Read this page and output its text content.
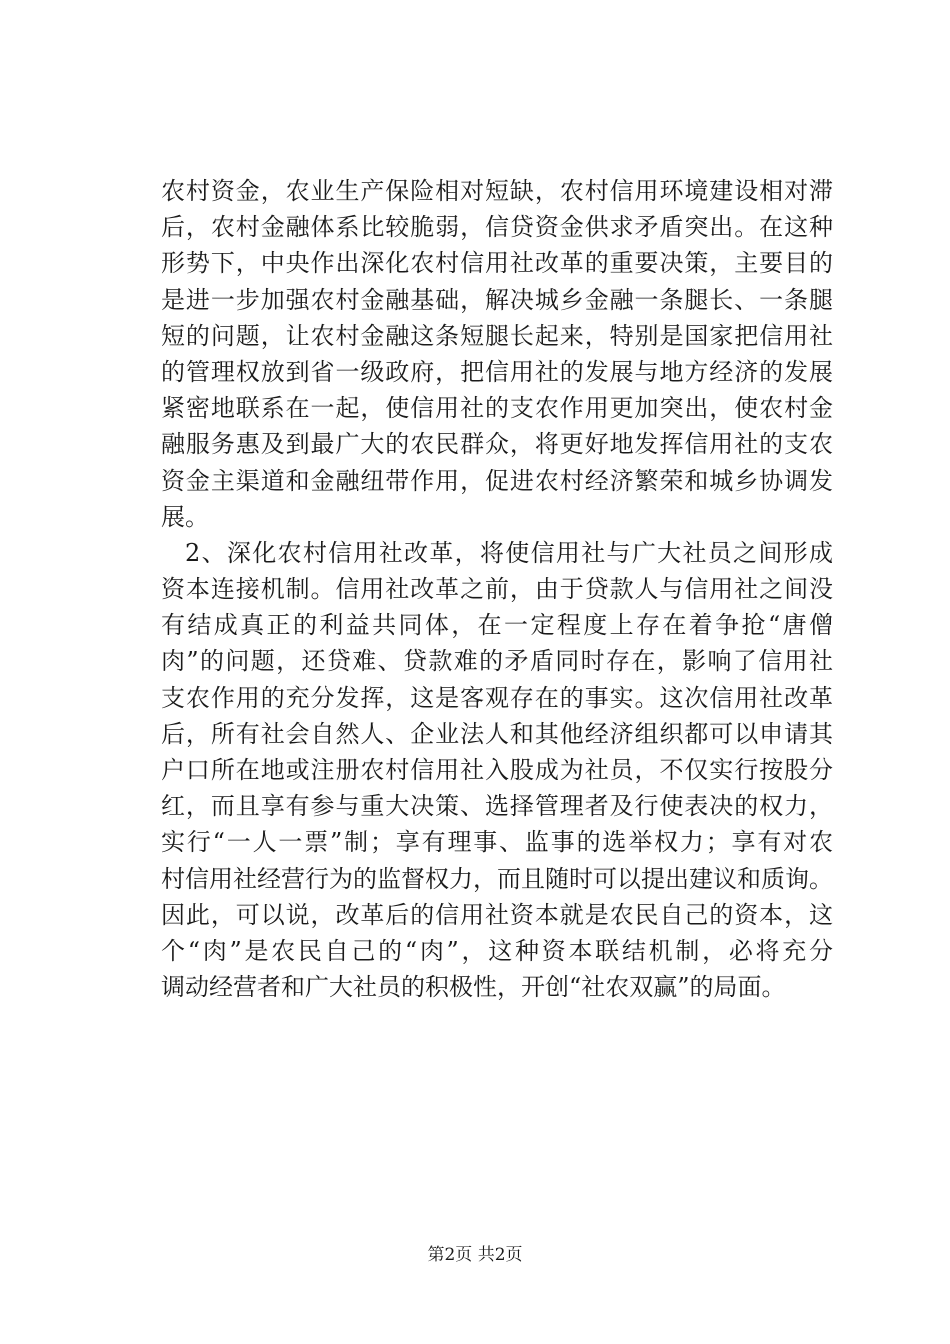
农村资金，农业生产保险相对短缺，农村信用环境建设相对滞
后，农村金融体系比较脆弱，信贷资金供求矛盾突出。在这种
形势下，中央作出深化农村信用社改革的重要决策，主要目的
是进一步加强农村金融基础，解决城乡金融一条腿长、一条腿
短的问题，让农村金融这条短腿长起来，特别是国家把信用社
的管理权放到省一级政府，把信用社的发展与地方经济的发展
紧密地联系在一起，使信用社的支农作用更加突出，使农村金
融服务惠及到最广大的农民群众，将更好地发挥信用社的支农
资金主渠道和金融纽带作用，促进农村经济繁荣和城乡协调发
展。
2、深化农村信用社改革，将使信用社与广大社员之间形成
资本连接机制。信用社改革之前，由于贷款人与信用社之间没
有结成真正的利益共同体，在一定程度上存在着争抢“唐僧
肉”的问题，还贷难、贷款难的矛盾同时存在，影响了信用社
支农作用的充分发挥，这是客观存在的事实。这次信用社改革
后，所有社会自然人、企业法人和其他经济组织都可以申请其
户口所在地或注册农村信用社入股成为社员，不仅实行按股分
红，而且享有参与重大决策、选择管理者及行使表决的权力，
实行“一人一票”制；享有理事、监事的选举权力；享有对农
村信用社经营行为的监督权力，而且随时可以提出建议和质询。
因此，可以说，改革后的信用社资本就是农民自己的资本，这
个“肉”是农民自己的“肉”，这种资本联结机制，必将充分
调动经营者和广大社员的积极性，开创“社农双赢”的局面。
第2页 共2页
